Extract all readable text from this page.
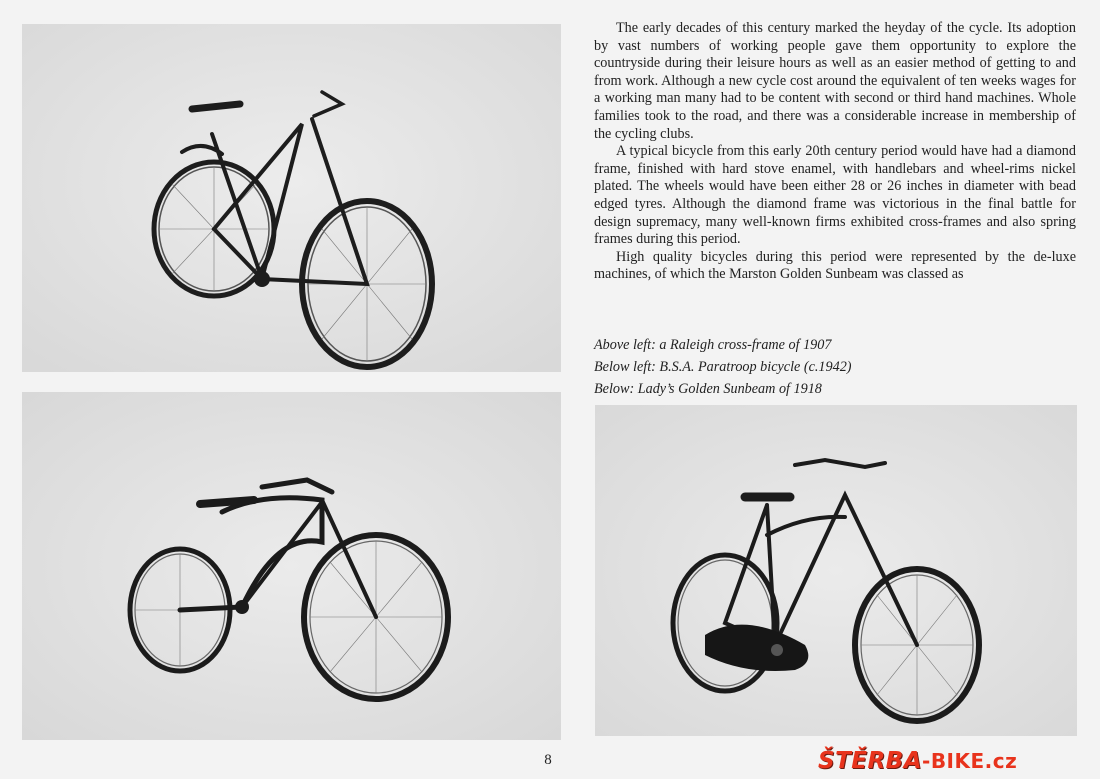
The early decades of this century marked the heyday of the cycle. Its adoption by vast numbers of working people gave them opportunity to explore the countryside during their leisure hours as well as an easier method of getting to and from work. Although a new cycle cost around the equivalent of ten weeks wages for a working man many had to be content with second or third hand machines. Whole families took to the road, and there was a considerable increase in membership of the cycling clubs.

A typical bicycle from this early 20th century period would have had a diamond frame, finished with hard stove enamel, with handlebars and wheel-rims nickel plated. The wheels would have been either 28 or 26 inches in diameter with bead edged tyres. Although the diamond frame was victorious in the final battle for design supremacy, many well-known firms exhibited cross-frames and also spring frames during this period.

High quality bicycles during this period were represented by the de-luxe machines, of which the Marston Golden Sunbeam was classed as

Above left: a Raleigh cross-frame of 1907
Below left: B.S.A. Paratroop bicycle (c.1942)
Below: Lady’s Golden Sunbeam of 1918
8	ŠTĚRBA-BIKE.cz
